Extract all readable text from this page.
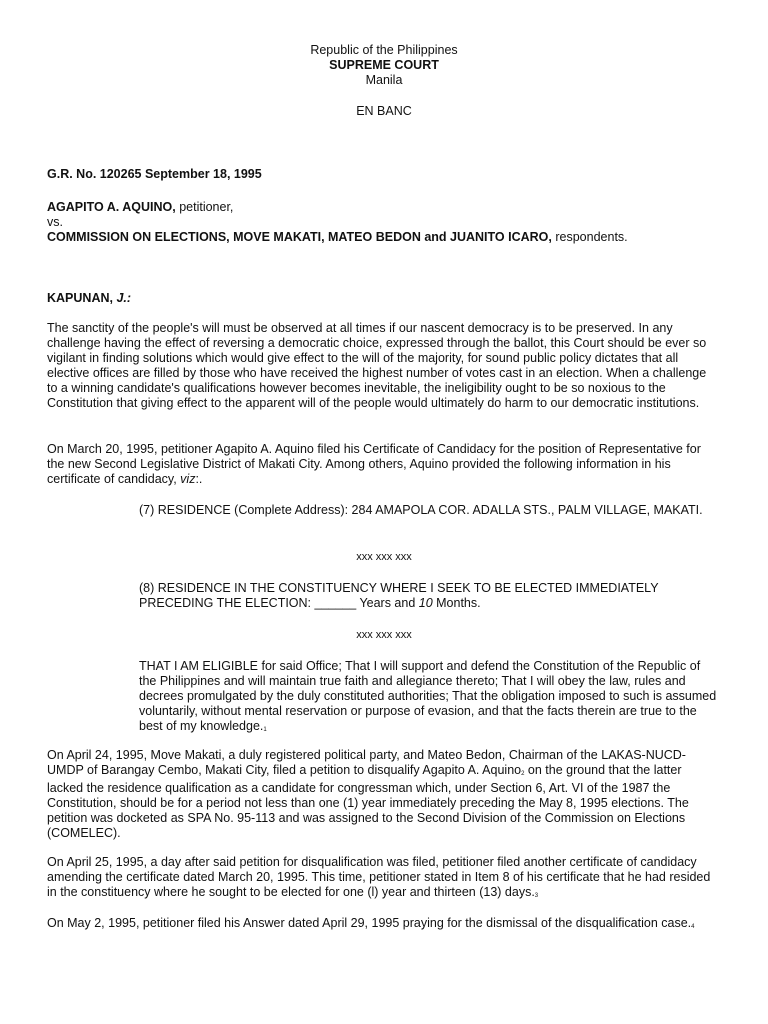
Republic of the Philippines
SUPREME COURT
Manila
EN BANC
G.R. No. 120265 September 18, 1995
AGAPITO A. AQUINO, petitioner,
vs.
COMMISSION ON ELECTIONS, MOVE MAKATI, MATEO BEDON and JUANITO ICARO, respondents.
KAPUNAN, J.:

The sanctity of the people's will must be observed at all times if our nascent democracy is to be preserved. In any challenge having the effect of reversing a democratic choice, expressed through the ballot, this Court should be ever so vigilant in finding solutions which would give effect to the will of the majority, for sound public policy dictates that all elective offices are filled by those who have received the highest number of votes cast in an election. When a challenge to a winning candidate's qualifications however becomes inevitable, the ineligibility ought to be so noxious to the Constitution that giving effect to the apparent will of the people would ultimately do harm to our democratic institutions.

On March 20, 1995, petitioner Agapito A. Aquino filed his Certificate of Candidacy for the position of Representative for the new Second Legislative District of Makati City. Among others, Aquino provided the following information in his certificate of candidacy, viz:.

(7) RESIDENCE (Complete Address): 284 AMAPOLA COR. ADALLA STS., PALM VILLAGE, MAKATI.

xxx xxx xxx

(8) RESIDENCE IN THE CONSTITUENCY WHERE I SEEK TO BE ELECTED IMMEDIATELY PRECEDING THE ELECTION: ______ Years and 10 Months.

xxx xxx xxx

THAT I AM ELIGIBLE for said Office; That I will support and defend the Constitution of the Republic of the Philippines and will maintain true faith and allegiance thereto; That I will obey the law, rules and decrees promulgated by the duly constituted authorities; That the obligation imposed to such is assumed voluntarily, without mental reservation or purpose of evasion, and that the facts therein are true to the best of my knowledge.$^1$

On April 24, 1995, Move Makati, a duly registered political party, and Mateo Bedon, Chairman of the LAKAS-NUCD-UMDP of Barangay Cembo, Makati City, filed a petition to disqualify Agapito A. Aquino$^2$ on the ground that the latter lacked the residence qualification as a candidate for congressman which, under Section 6, Art. VI of the 1987 the Constitution, should be for a period not less than one (1) year immediately preceding the May 8, 1995 elections. The petition was docketed as SPA No. 95-113 and was assigned to the Second Division of the Commission on Elections (COMELEC).

On April 25, 1995, a day after said petition for disqualification was filed, petitioner filed another certificate of candidacy amending the certificate dated March 20, 1995. This time, petitioner stated in Item 8 of his certificate that he had resided in the constituency where he sought to be elected for one (l) year and thirteen (13) days.$^3$

On May 2, 1995, petitioner filed his Answer dated April 29, 1995 praying for the dismissal of the disqualification case.$^4$
